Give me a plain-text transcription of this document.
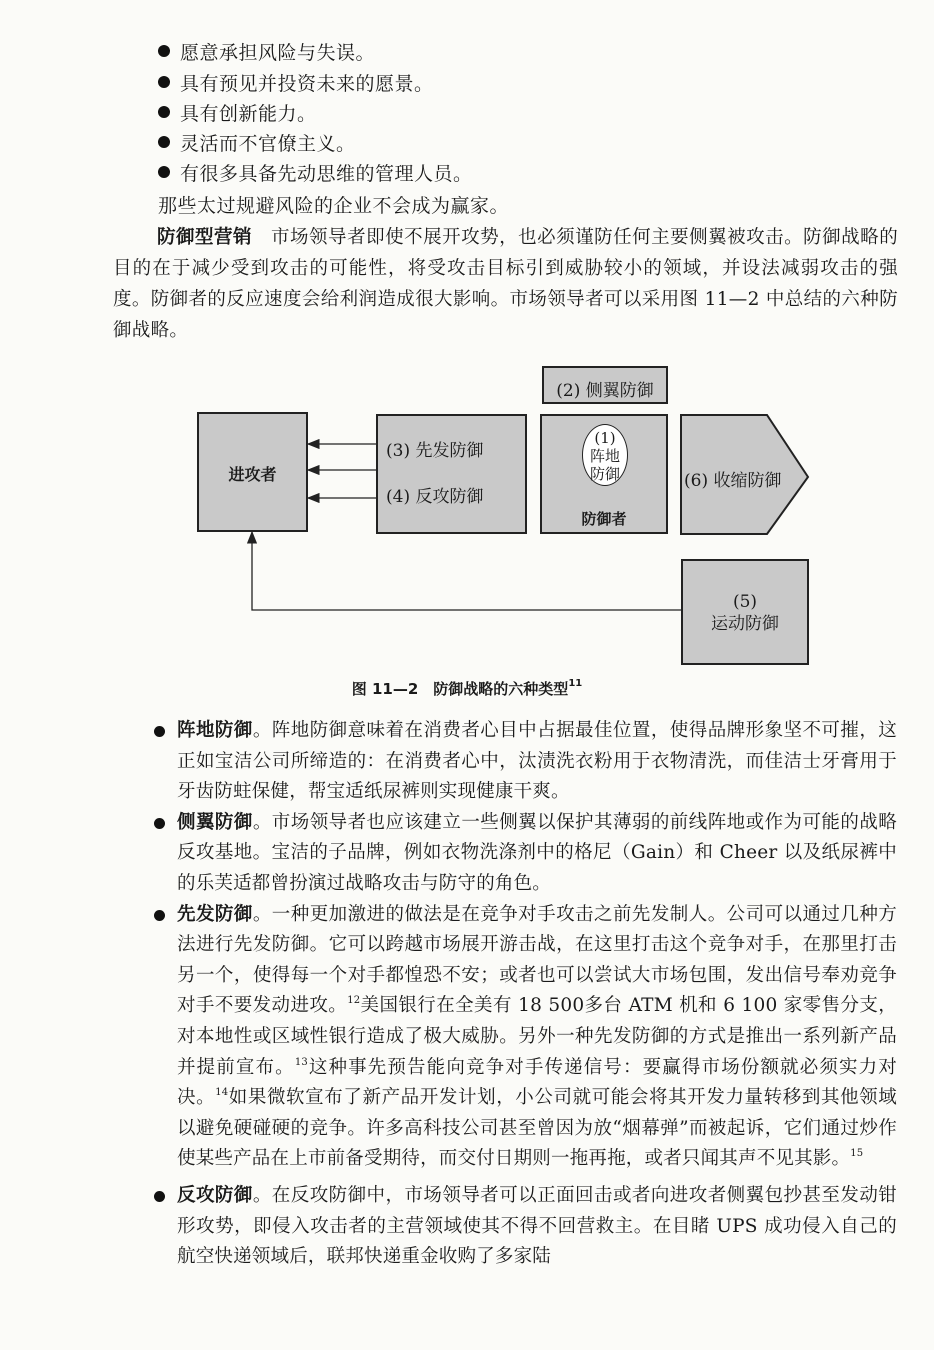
愿意承担风险与失误。
具有预见并投资未来的愿景。
具有创新能力。
灵活而不官僚主义。
有很多具备先动思维的管理人员。
那些太过规避风险的企业不会成为赢家。
防御型营销　 市场领导者即使不展开攻势，也必须谨防任何主要侧翼被攻击。防御战略的目的在于减少受到攻击的可能性，将受攻击目标引到威胁较小的领域，并设法减弱攻击的强度。防御者的反应速度会给利润造成很大影响。市场领导者可以采用图 11—2 中总结的六种防御战略。
进攻者
(2) 侧翼防御
(3) 先发防御
(4) 反攻防御
(1)
阵地
防御
防御者
(6) 收缩防御
(5)
运动防御
图 11—2　防御战略的六种类型$^{11}$
阵地防御。阵地防御意味着在消费者心目中占据最佳位置，使得品牌形象坚不可摧，这正如宝洁公司所缔造的：在消费者心中，汰渍洗衣粉用于衣物清洗，而佳洁士牙膏用于牙齿防蛀保健，帮宝适纸尿裤则实现健康干爽。
侧翼防御。市场领导者也应该建立一些侧翼以保护其薄弱的前线阵地或作为可能的战略反攻基地。宝洁的子品牌，例如衣物洗涤剂中的格尼（Gain）和 Cheer 以及纸尿裤中的乐芙适都曾扮演过战略攻击与防守的角色。
先发防御。一种更加激进的做法是在竞争对手攻击之前先发制人。公司可以通过几种方法进行先发防御。它可以跨越市场展开游击战，在这里打击这个竞争对手，在那里打击另一个，使得每一个对手都惶恐不安；或者也可以尝试大市场包围，发出信号奉劝竞争对手不要发动进攻。$^{12}$美国银行在全美有 18 500多台 ATM 机和 6 100 家零售分支，对本地性或区域性银行造成了极大威胁。另外一种先发防御的方式是推出一系列新产品并提前宣布。$^{13}$这种事先预告能向竞争对手传递信号：要赢得市场份额就必须实力对决。$^{14}$如果微软宣布了新产品开发计划，小公司就可能会将其开发力量转移到其他领域以避免硬碰硬的竞争。许多高科技公司甚至曾因为放“烟幕弹”而被起诉，它们通过炒作使某些产品在上市前备受期待，而交付日期则一拖再拖，或者只闻其声不见其影。$^{15}$
反攻防御。在反攻防御中，市场领导者可以正面回击或者向进攻者侧翼包抄甚至发动钳形攻势，即侵入攻击者的主营领域使其不得不回营救主。在目睹 UPS 成功侵入自己的航空快递领域后，联邦快递重金收购了多家陆
